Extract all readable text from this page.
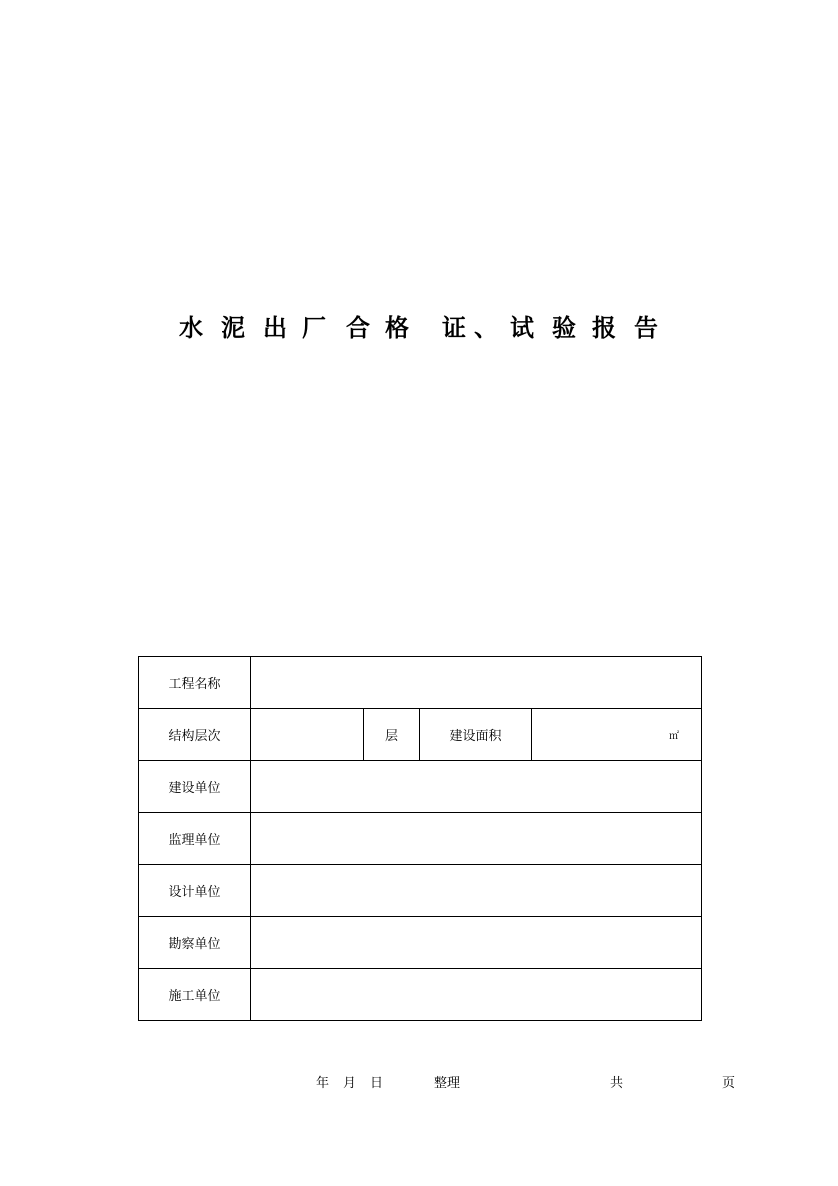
水 泥 出 厂 合 格 证 、 试 验 报 告
工程名称				
结构层次		层	建设面积	㎡
建设单位				
监理单位				
设计单位				
勘察单位				
施工单位				
年 月 日	整理	共	页
